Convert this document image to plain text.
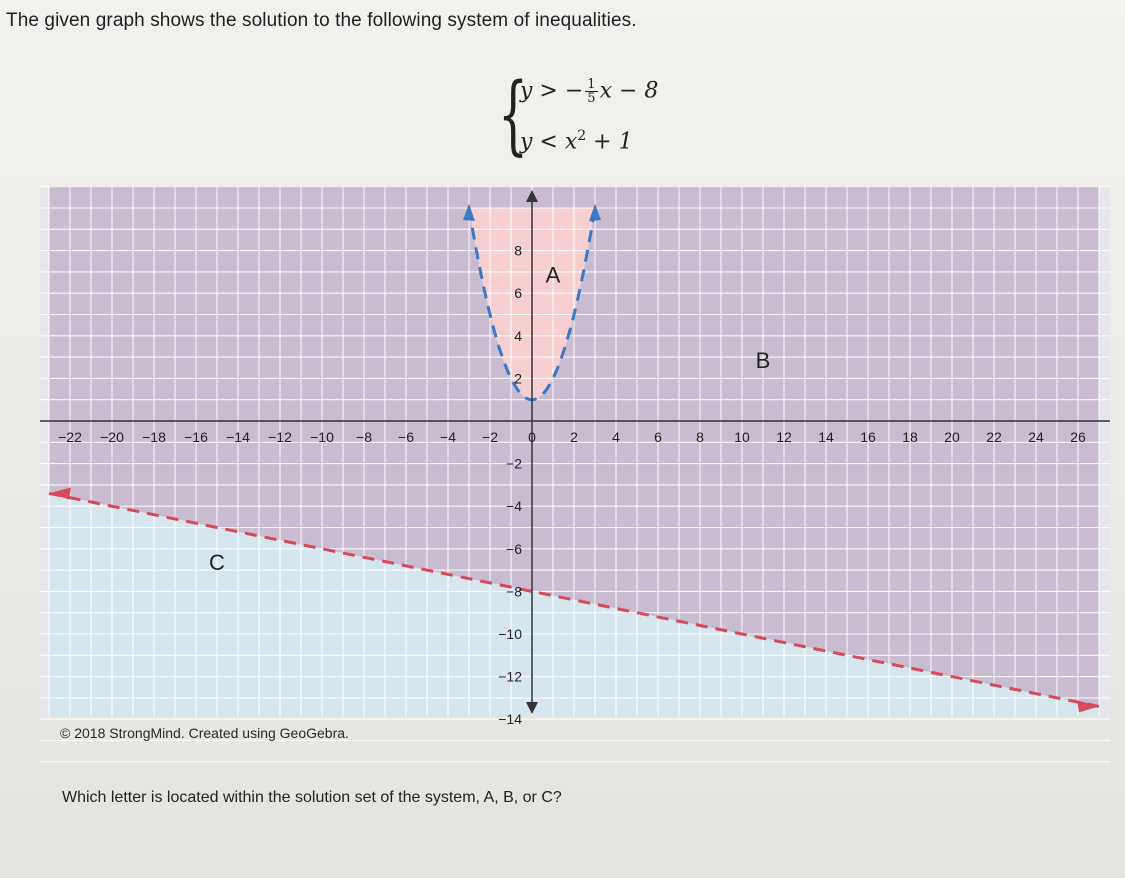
The given graph shows the solution to the following system of inequalities.
{
y > − $\frac{1}{5}$ x − 8
$y < x^2 + 1$
−22 −20 −18 −16 −14 −12 −10 −8 −6 −4 −2 0 2 4 6 8 10 12 14 16 18 20 22 24 26
8
6
4
2
−2
−4
−6
−8
−10
−12
−14
A
B
C
© 2018 StrongMind. Created using GeoGebra.
Which letter is located within the solution set of the system, A, B, or C?
